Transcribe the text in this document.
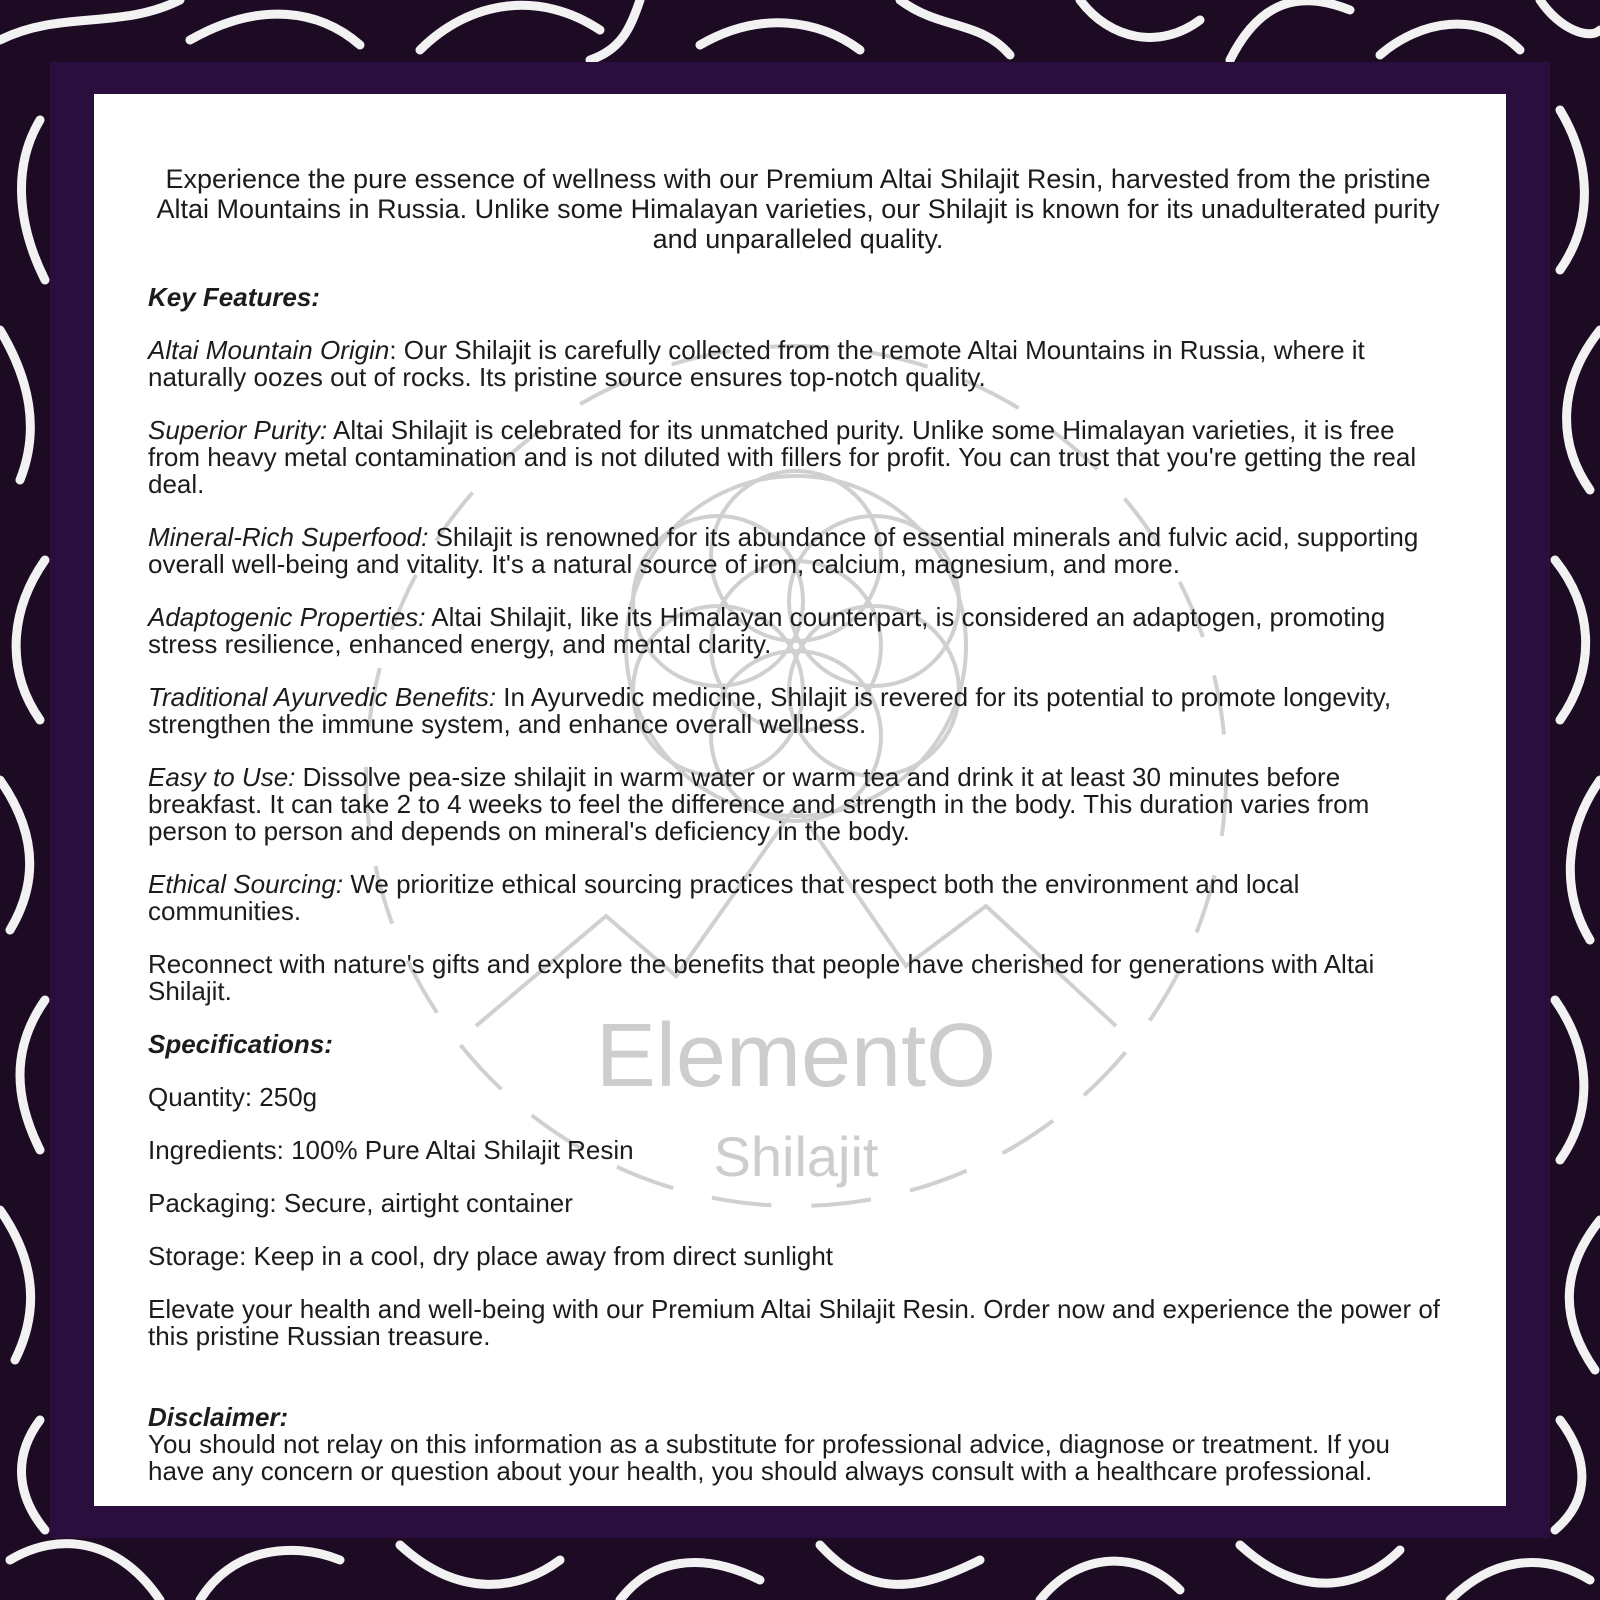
ElementO
Shilajit

Experience the pure essence of wellness with our Premium Altai Shilajit Resin, harvested from the pristine Altai Mountains in Russia. Unlike some Himalayan varieties, our Shilajit is known for its unadulterated purity and unparalleled quality.

Key Features:

Altai Mountain Origin: Our Shilajit is carefully collected from the remote Altai Mountains in Russia, where it naturally oozes out of rocks. Its pristine source ensures top-notch quality.

Superior Purity: Altai Shilajit is celebrated for its unmatched purity. Unlike some Himalayan varieties, it is free from heavy metal contamination and is not diluted with fillers for profit. You can trust that you're getting the real deal.

Mineral-Rich Superfood: Shilajit is renowned for its abundance of essential minerals and fulvic acid, supporting overall well-being and vitality. It's a natural source of iron, calcium, magnesium, and more.

Adaptogenic Properties: Altai Shilajit, like its Himalayan counterpart, is considered an adaptogen, promoting stress resilience, enhanced energy, and mental clarity.

Traditional Ayurvedic Benefits: In Ayurvedic medicine, Shilajit is revered for its potential to promote longevity, strengthen the immune system, and enhance overall wellness.

Easy to Use: Dissolve pea-size shilajit in warm water or warm tea and drink it at least 30 minutes before breakfast. It can take 2 to 4 weeks to feel the difference and strength in the body. This duration varies from person to person and depends on mineral's deficiency in the body.

Ethical Sourcing: We prioritize ethical sourcing practices that respect both the environment and local communities.

Reconnect with nature's gifts and explore the benefits that people have cherished for generations with Altai Shilajit.

Specifications:

Quantity: 250g

Ingredients: 100% Pure Altai Shilajit Resin

Packaging: Secure, airtight container

Storage: Keep in a cool, dry place away from direct sunlight

Elevate your health and well-being with our Premium Altai Shilajit Resin. Order now and experience the power of this pristine Russian treasure.

Disclaimer:

You should not relay on this information as a substitute for professional advice, diagnose or treatment. If you have any concern or question about your health, you should always consult with a healthcare professional.
